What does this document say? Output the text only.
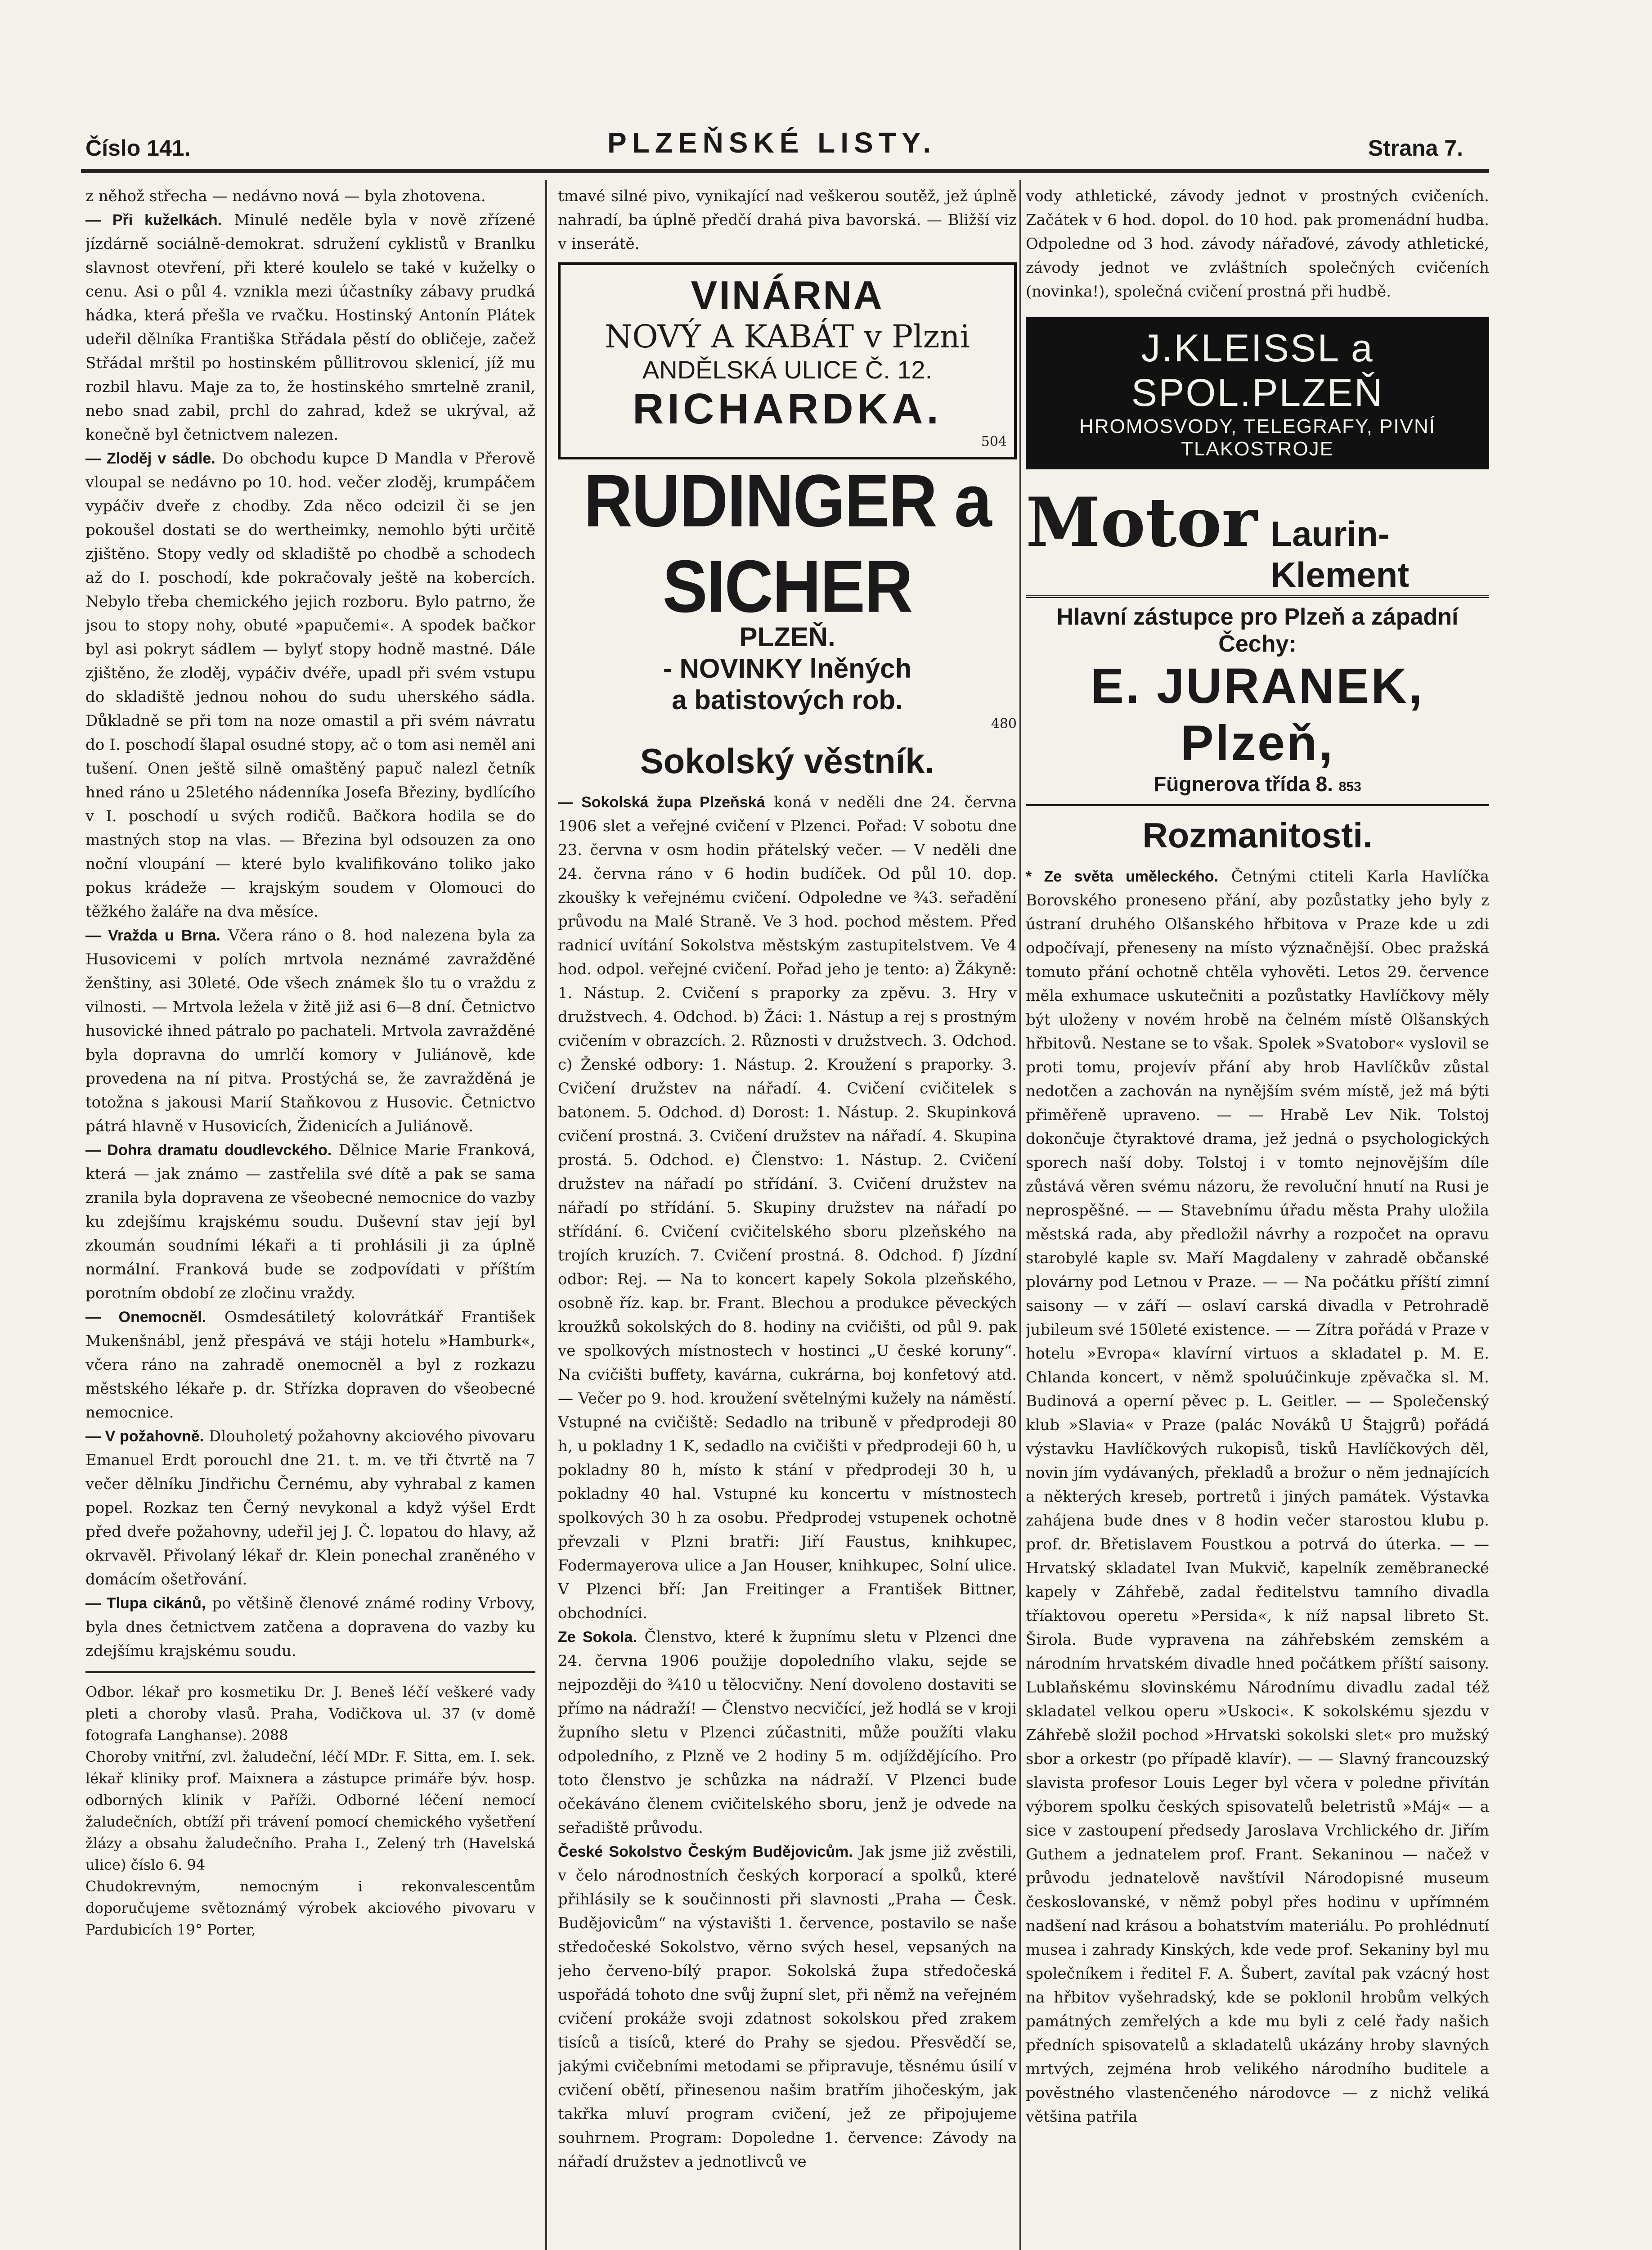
Číslo 141.	PLZEŇSKÉ LISTY.	Strana 7.

z něhož střecha — nedávno nová — byla zhotovena.

— Při kuželkách. Minulé neděle byla v nově zřízené jízdárně sociálně-demokrat. sdružení cyklistů v Branlku slavnost otevření, při které koulelo se také v kuželky o cenu. Asi o půl 4. vznikla mezi účastníky zábavy prudká hádka, která přešla ve rvačku. Hostinský Antonín Plátek udeřil dělníka Františka Střádala pěstí do obličeje, začež Střádal mrštil po hostinském půllitrovou sklenicí, jíž mu rozbil hlavu. Maje za to, že hostinského smrtelně zranil, nebo snad zabil, prchl do zahrad, kdež se ukrýval, až konečně byl četnictvem nalezen.

— Zloděj v sádle. Do obchodu kupce D Mandla v Přerově vloupal se nedávno po 10. hod. večer zloděj, krumpáčem vypáčiv dveře z chodby. Zda něco odcizil či se jen pokoušel dostati se do wertheimky, nemohlo býti určitě zjištěno. Stopy vedly od skladiště po chodbě a schodech až do I. poschodí, kde pokračovaly ještě na kobercích. Nebylo třeba chemického jejich rozboru. Bylo patrno, že jsou to stopy nohy, obuté »papučemi«. A spodek bačkor byl asi pokryt sádlem — bylyť stopy hodně mastné. Dále zjištěno, že zloděj, vypáčiv dvéře, upadl při svém vstupu do skladiště jednou nohou do sudu uherského sádla. Důkladně se při tom na noze omastil a při svém návratu do I. poschodí šlapal osudné stopy, ač o tom asi neměl ani tušení. Onen ještě silně omaštěný papuč nalezl četník hned ráno u 25letého nádenníka Josefa Březiny, bydlícího v I. poschodí u svých rodičů. Bačkora hodila se do mastných stop na vlas. — Březina byl odsouzen za ono noční vloupání — které bylo kvalifikováno toliko jako pokus krádeže — krajským soudem v Olomouci do těžkého žaláře na dva měsíce.

— Vražda u Brna. Včera ráno o 8. hod nalezena byla za Husovicemi v polích mrtvola neznámé zavražděné ženštiny, asi 30leté. Ode všech známek šlo tu o vraždu z vilnosti. — Mrtvola ležela v žitě již asi 6—8 dní. Četnictvo husovické ihned pátralo po pachateli. Mrtvola zavražděné byla dopravna do umrlčí komory v Juliánově, kde provedena na ní pitva. Prostýchá se, že zavražděná je totožna s jakousi Marií Staňkovou z Husovic. Četnictvo pátrá hlavně v Husovicích, Židenicích a Juliánově.

— Dohra dramatu doudlevckého. Dělnice Marie Franková, která — jak známo — zastřelila své dítě a pak se sama zranila byla dopravena ze všeobecné nemocnice do vazby ku zdejšímu krajskému soudu. Duševní stav její byl zkoumán soudními lékaři a ti prohlásili ji za úplně normální. Franková bude se zodpovídati v příštím porotním období ze zločinu vraždy.

— Onemocněl. Osmdesátiletý kolovrátkář František Mukenšnábl, jenž přespává ve stáji hotelu »Hamburk«, včera ráno na zahradě onemocněl a byl z rozkazu městského lékaře p. dr. Střízka dopraven do všeobecné nemocnice.

— V požahovně. Dlouholetý požahovny akciového pivovaru Emanuel Erdt porouchl dne 21. t. m. ve tři čtvrtě na 7 večer dělníku Jindřichu Černému, aby vyhrabal z kamen popel. Rozkaz ten Černý nevykonal a když výšel Erdt před dveře požahovny, udeřil jej J. Č. lopatou do hlavy, až okrvavěl. Přivolaný lékař dr. Klein ponechal zraněného v domácím ošetřování.

— Tlupa cikánů, po většině členové známé rodiny Vrbovy, byla dnes četnictvem zatčena a dopravena do vazby ku zdejšímu krajskému soudu.

Odbor. lékař pro kosmetiku Dr. J. Beneš léčí veškeré vady pleti a choroby vlasů. Praha, Vodičkova ul. 37 (v domě fotografa Langhanse). 2088

Choroby vnitřní, zvl. žaludeční, léčí MDr. F. Sitta, em. I. sek. lékař kliniky prof. Maixnera a zástupce primáře býv. hosp. odborných klinik v Paříži. Odborné léčení nemocí žaludečních, obtíží při trávení pomocí chemického vyšetření žlázy a obsahu žaludečního. Praha I., Zelený trh (Havelská ulice) číslo 6. 94

Chudokrevným, nemocným i rekonvalescentům doporučujeme světoznámý výrobek akciového pivovaru v Pardubicích 19° Porter,

tmavé silné pivo, vynikající nad veškerou soutěž, jež úplně nahradí, ba úplně předčí drahá piva bavorská. — Bližší viz v inserátě.

VINÁRNA
NOVÝ A KABÁT v Plzni
ANDĚLSKÁ ULICE Č. 12.
RICHARDKA.
504
RUDINGER a SICHER
PLZEŇ.
- NOVINKY lněných
a batistových rob.
480
Sokolský věstník.

— Sokolská župa Plzeňská koná v neděli dne 24. června 1906 slet a veřejné cvičení v Plzenci. Pořad: V sobotu dne 23. června v osm hodin přátelský večer. — V neděli dne 24. června ráno v 6 hodin budíček. Od půl 10. dop. zkoušky k veřejnému cvičení. Odpoledne ve ¾3. seřadění průvodu na Malé Straně. Ve 3 hod. pochod městem. Před radnicí uvítání Sokolstva městským zastupitelstvem. Ve 4 hod. odpol. veřejné cvičení. Pořad jeho je tento: a) Žákyně: 1. Nástup. 2. Cvičení s praporky za zpěvu. 3. Hry v družstvech. 4. Odchod. b) Žáci: 1. Nástup a rej s prostným cvičením v obrazcích. 2. Různosti v družstvech. 3. Odchod. c) Ženské odbory: 1. Nástup. 2. Kroužení s praporky. 3. Cvičení družstev na nářadí. 4. Cvičení cvičitelek s batonem. 5. Odchod. d) Dorost: 1. Nástup. 2. Skupinková cvičení prostná. 3. Cvičení družstev na nářadí. 4. Skupina prostá. 5. Odchod. e) Členstvo: 1. Nástup. 2. Cvičení družstev na nářadí po střídání. 3. Cvičení družstev na nářadí po střídání. 5. Skupiny družstev na nářadí po střídání. 6. Cvičení cvičitelského sboru plzeňského na trojích kruzích. 7. Cvičení prostná. 8. Odchod. f) Jízdní odbor: Rej. — Na to koncert kapely Sokola plzeňského, osobně říz. kap. br. Frant. Blechou a produkce pěveckých kroužků sokolských do 8. hodiny na cvičišti, od půl 9. pak ve spolkových místnostech v hostinci „U české koruny“. Na cvičišti buffety, kavárna, cukrárna, boj konfetový atd. — Večer po 9. hod. kroužení světelnými kužely na náměstí. Vstupné na cvičiště: Sedadlo na tribuně v předprodeji 80 h, u pokladny 1 K, sedadlo na cvičišti v předprodeji 60 h, u pokladny 80 h, místo k stání v předprodeji 30 h, u pokladny 40 hal. Vstupné ku koncertu v místnostech spolkových 30 h za osobu. Předprodej vstupenek ochotně převzali v Plzni bratři: Jiří Faustus, knihkupec, Fodermayerova ulice a Jan Houser, knihkupec, Solní ulice. V Plzenci bří: Jan Freitinger a František Bittner, obchodníci.

Ze Sokola. Členstvo, které k župnímu sletu v Plzenci dne 24. června 1906 použije dopoledního vlaku, sejde se nejpozději do ¾10 u tělocvičny. Není dovoleno dostaviti se přímo na nádraží! — Členstvo necvičící, jež hodlá se v kroji župního sletu v Plzenci zúčastniti, může použíti vlaku odpoledního, z Plzně ve 2 hodiny 5 m. odjíždějícího. Pro toto členstvo je schůzka na nádraží. V Plzenci bude očekáváno členem cvičitelského sboru, jenž je odvede na seřadiště průvodu.

České Sokolstvo Českým Budějovicům. Jak jsme již zvěstili, v čelo národnostních českých korporací a spolků, které přihlásily se k součinnosti při slavnosti „Praha — Česk. Budějovicům“ na výstavišti 1. července, postavilo se naše středočeské Sokolstvo, věrno svých hesel, vepsaných na jeho červeno-bílý prapor. Sokolská župa středočeská uspořádá tohoto dne svůj župní slet, při němž na veřejném cvičení prokáže svoji zdatnost sokolskou před zrakem tisíců a tisíců, které do Prahy se sjedou. Přesvědčí se, jakými cvičebními metodami se připravuje, těsnému úsilí v cvičení obětí, přinesenou našim bratřím jihočeským, jak takřka mluví program cvičení, jež ze připojujeme souhrnem. Program: Dopoledne 1. července: Závody na nářadí družstev a jednotlivců ve

vody athletické, závody jednot v prostných cvičeních. Začátek v 6 hod. dopol. do 10 hod. pak promenádní hudba. Odpoledne od 3 hod. závody nářaďové, závody athletické, závody jednot ve zvláštních společných cvičeních (novinka!), společná cvičení prostná při hudbě.

J.KLEISSL a SPOL.PLZEŇ
HROMOSVODY, TELEGRAFY, PIVNÍ TLAKOSTROJE
Motor Laurin-Klement
Hlavní zástupce pro Plzeň a západní Čechy:
E. JURANEK, Plzeň,
Fügnerova třída 8. 853
Rozmanitosti.

* Ze světa uměleckého. Četnými ctiteli Karla Havlíčka Borovského proneseno přání, aby pozůstatky jeho byly z ústraní druhého Olšanského hřbitova v Praze kde u zdi odpočívají, přeneseny na místo význačnější. Obec pražská tomuto přání ochotně chtěla vyhověti. Letos 29. července měla exhumace uskutečniti a pozůstatky Havlíčkovy měly být uloženy v novém hrobě na čelném místě Olšanských hřbitovů. Nestane se to však. Spolek »Svatobor« vyslovil se proti tomu, projevív přání aby hrob Havlíčkův zůstal nedotčen a zachován na nynějším svém místě, jež má býti přiměřeně upraveno. — — Hrabě Lev Nik. Tolstoj dokončuje čtyraktové drama, jež jedná o psychologických sporech naší doby. Tolstoj i v tomto nejnovějším díle zůstává věren svému názoru, že revoluční hnutí na Rusi je neprospěšné. — — Stavebnímu úřadu města Prahy uložila městská rada, aby předložil návrhy a rozpočet na opravu starobylé kaple sv. Maří Magdaleny v zahradě občanské plovárny pod Letnou v Praze. — — Na počátku příští zimní saisony — v září — oslaví carská divadla v Petrohradě jubileum své 150leté existence. — — Zítra pořádá v Praze v hotelu »Evropa« klavírní virtuos a skladatel p. M. E. Chlanda koncert, v němž spoluúčinkuje zpěvačka sl. M. Budinová a operní pěvec p. L. Geitler. — — Společenský klub »Slavia« v Praze (palác Nováků U Štajgrů) pořádá výstavku Havlíčkových rukopisů, tisků Havlíčkových děl, novin jím vydávaných, překladů a brožur o něm jednajících a některých kreseb, portretů i jiných památek. Výstavka zahájena bude dnes v 8 hodin večer starostou klubu p. prof. dr. Břetislavem Foustkou a potrvá do úterka. — — Hrvatský skladatel Ivan Mukvič, kapelník zeměbranecké kapely v Záhřebě, zadal ředitelstvu tamního divadla tříaktovou operetu »Persida«, k níž napsal libreto St. Širola. Bude vypravena na záhřebském zemském a národním hrvatském divadle hned počátkem příští saisony. Lublaňskému slovinskému Národnímu divadlu zadal též skladatel velkou operu »Uskoci«. K sokolskému sjezdu v Záhřebě složil pochod »Hrvatski sokolski slet« pro mužský sbor a orkestr (po případě klavír). — — Slavný francouzský slavista profesor Louis Leger byl včera v poledne přivítán výborem spolku českých spisovatelů beletristů »Máj« — a sice v zastoupení předsedy Jaroslava Vrchlického dr. Jiřím Guthem a jednatelem prof. Frant. Sekaninou — načež v průvodu jednatelově navštívil Národopisné museum českoslovanské, v němž pobyl přes hodinu v upřímném nadšení nad krásou a bohatstvím materiálu. Po prohlédnutí musea i zahrady Kinských, kde vede prof. Sekaniny byl mu společníkem i ředitel F. A. Šubert, zavítal pak vzácný host na hřbitov vyšehradský, kde se poklonil hrobům velkých památných zemřelých a kde mu byli z celé řady našich předních spisovatelů a skladatelů ukázány hroby slavných mrtvých, zejména hrob velikého národního buditele a pověstného vlastenčeného národovce — z nichž veliká většina patřila
